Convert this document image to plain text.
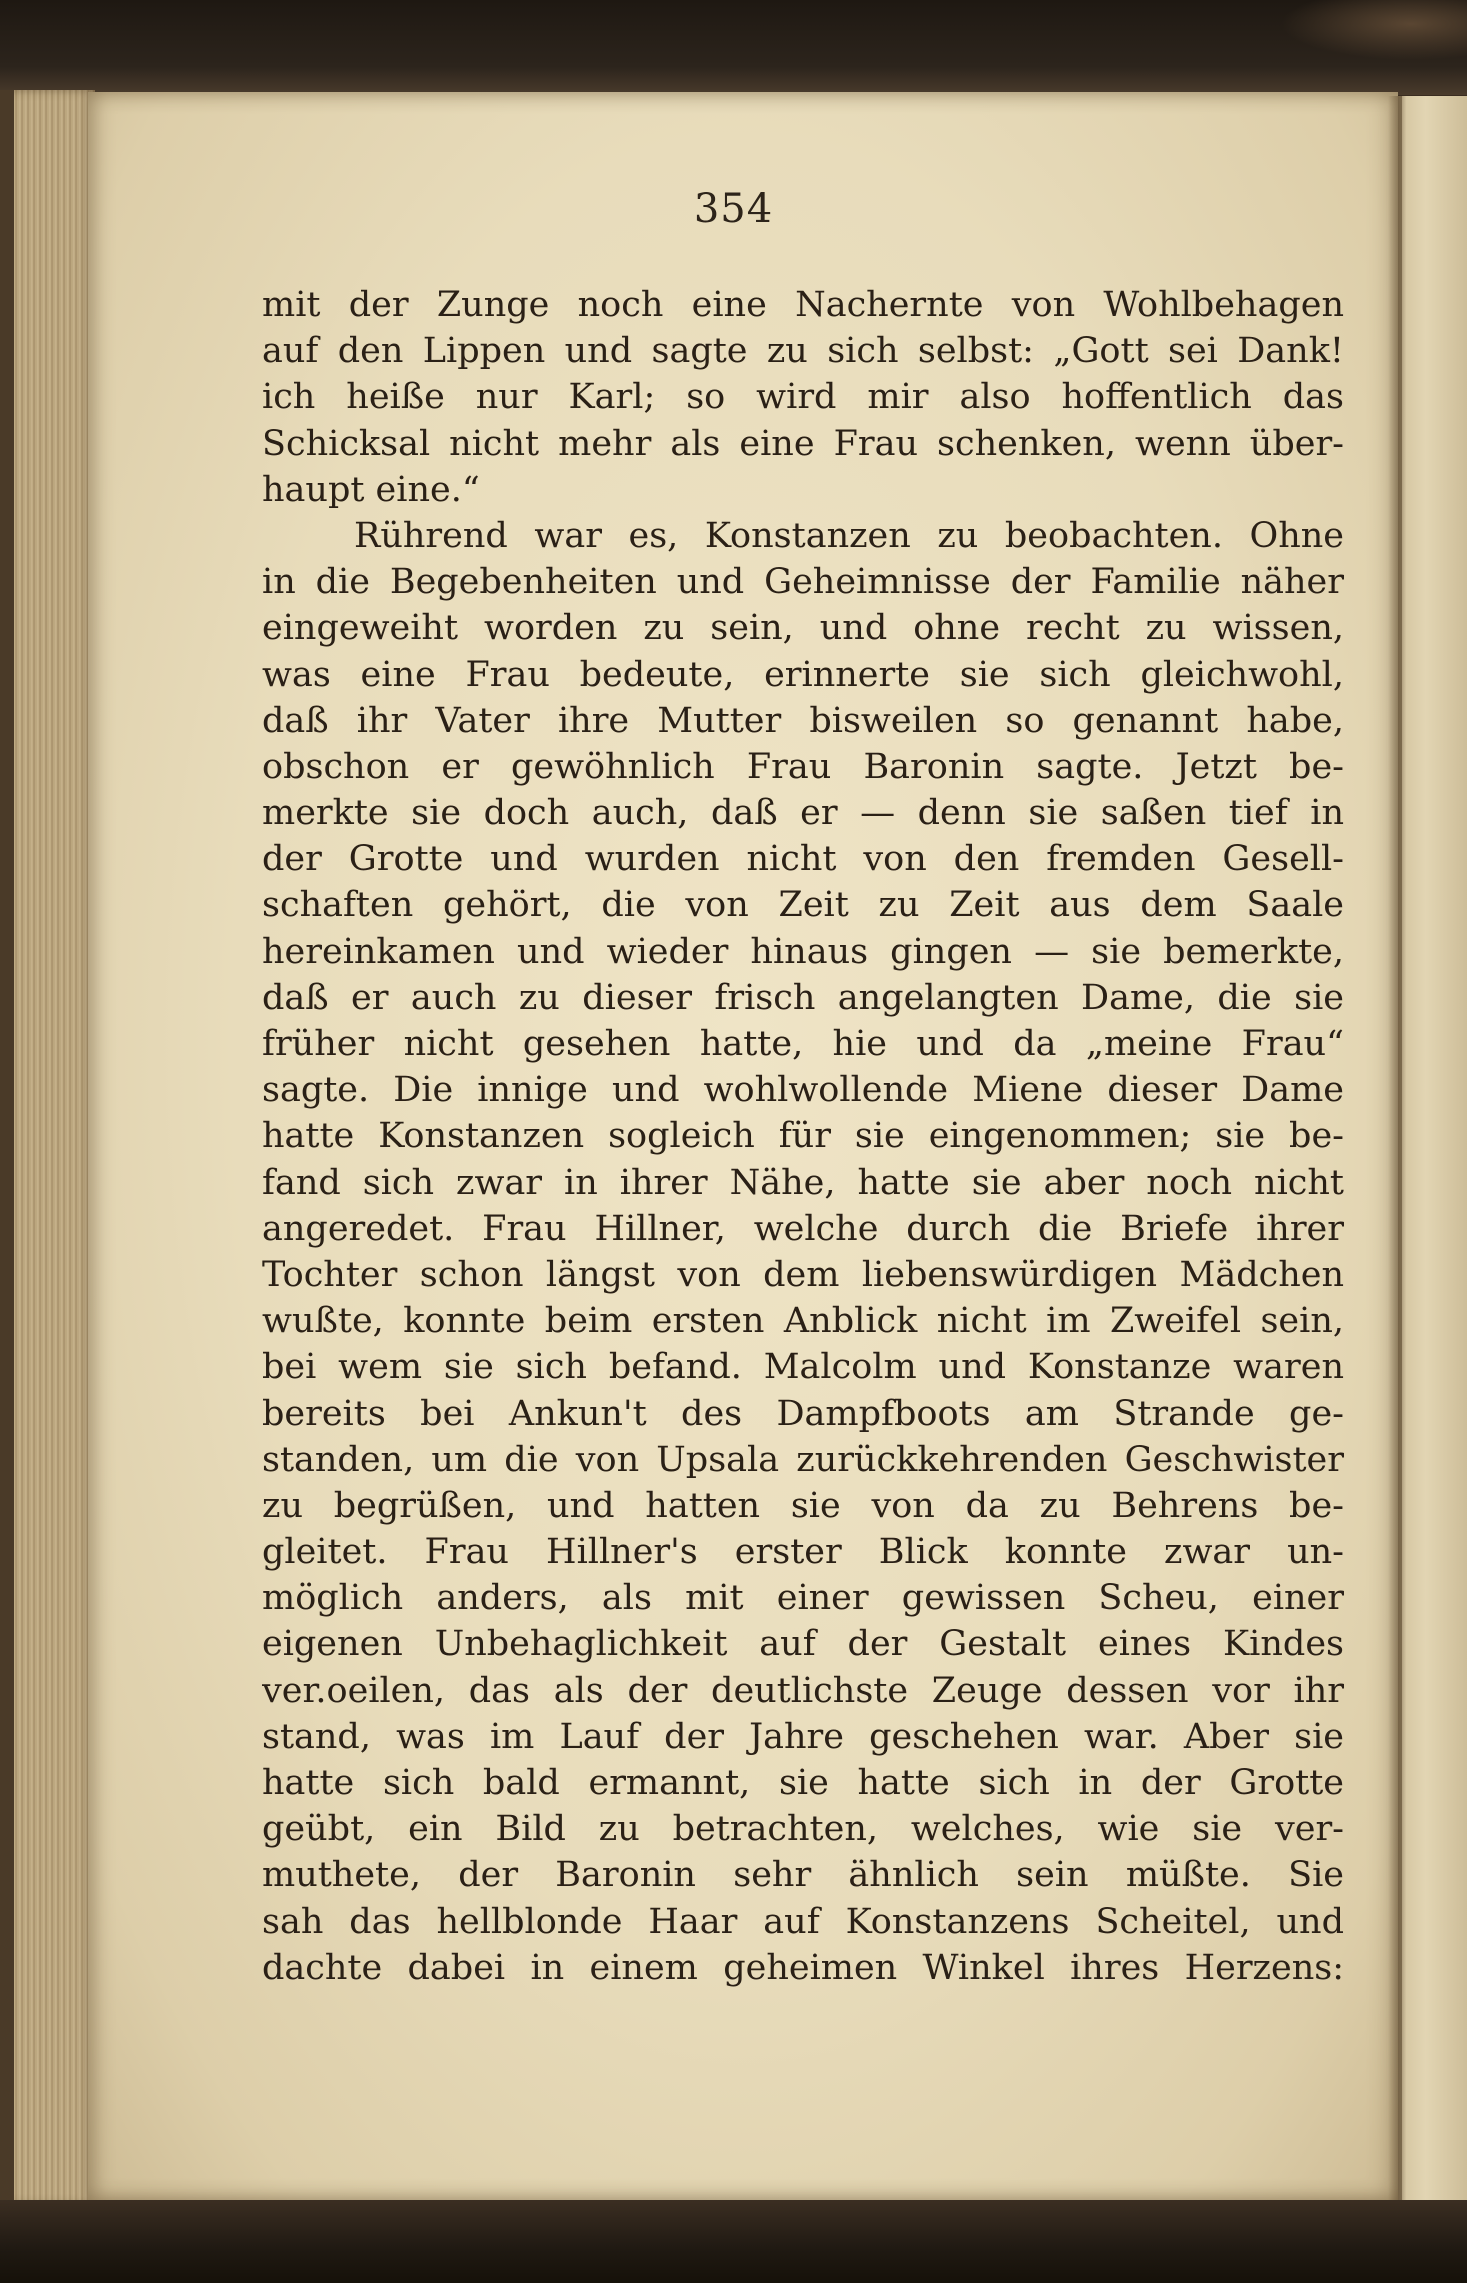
354
mit der Zunge noch eine Nachernte von Wohlbehagen
auf den Lippen und sagte zu sich selbst: „Gott sei Dank!
ich heiße nur Karl; so wird mir also hoffentlich das
Schicksal nicht mehr als eine Frau schenken, wenn über-
haupt eine.“
Rührend war es, Konstanzen zu beobachten. Ohne
in die Begebenheiten und Geheimnisse der Familie näher
eingeweiht worden zu sein, und ohne recht zu wissen,
was eine Frau bedeute, erinnerte sie sich gleichwohl,
daß ihr Vater ihre Mutter bisweilen so genannt habe,
obschon er gewöhnlich Frau Baronin sagte. Jetzt be-
merkte sie doch auch, daß er — denn sie saßen tief in
der Grotte und wurden nicht von den fremden Gesell-
schaften gehört, die von Zeit zu Zeit aus dem Saale
hereinkamen und wieder hinaus gingen — sie bemerkte,
daß er auch zu dieser frisch angelangten Dame, die sie
früher nicht gesehen hatte, hie und da „meine Frau“
sagte. Die innige und wohlwollende Miene dieser Dame
hatte Konstanzen sogleich für sie eingenommen; sie be-
fand sich zwar in ihrer Nähe, hatte sie aber noch nicht
angeredet. Frau Hillner, welche durch die Briefe ihrer
Tochter schon längst von dem liebenswürdigen Mädchen
wußte, konnte beim ersten Anblick nicht im Zweifel sein,
bei wem sie sich befand. Malcolm und Konstanze waren
bereits bei Ankun't des Dampfboots am Strande ge-
standen, um die von Upsala zurückkehrenden Geschwister
zu begrüßen, und hatten sie von da zu Behrens be-
gleitet. Frau Hillner's erster Blick konnte zwar un-
möglich anders, als mit einer gewissen Scheu, einer
eigenen Unbehaglichkeit auf der Gestalt eines Kindes
ver.oeilen, das als der deutlichste Zeuge dessen vor ihr
stand, was im Lauf der Jahre geschehen war. Aber sie
hatte sich bald ermannt, sie hatte sich in der Grotte
geübt, ein Bild zu betrachten, welches, wie sie ver-
muthete, der Baronin sehr ähnlich sein müßte. Sie
sah das hellblonde Haar auf Konstanzens Scheitel, und
dachte dabei in einem geheimen Winkel ihres Herzens:
